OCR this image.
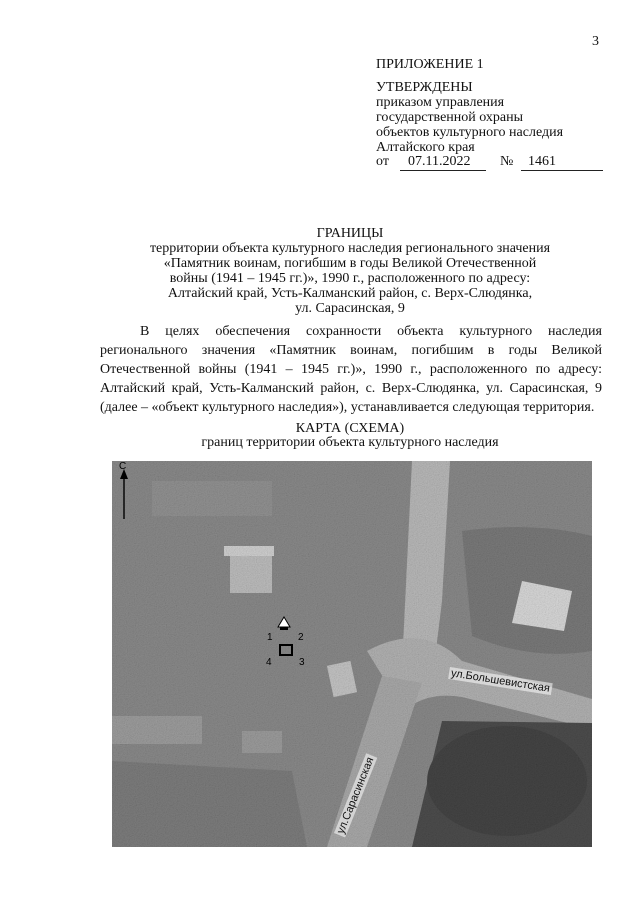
3
ПРИЛОЖЕНИЕ 1
УТВЕРЖДЕНЫ
приказом управления
государственной охраны
объектов культурного наследия
Алтайского края
от 07.11.2022 № 1461
ГРАНИЦЫ
территории объекта культурного наследия регионального значения
«Памятник воинам, погибшим в годы Великой Отечественной
войны (1941 – 1945 гг.)», 1990 г., расположенного по адресу:
Алтайский край, Усть-Калманский район, с. Верх-Слюдянка,
ул. Сарасинская, 9

В целях обеспечения сохранности объекта культурного наследия регионального значения «Памятник воинам, погибшим в годы Великой Отечественной войны (1941 – 1945 гг.)», 1990 г., расположенного по адресу: Алтайский край, Усть-Калманский район, с. Верх-Слюдянка, ул. Сарасинская, 9 (далее – «объект культурного наследия»), устанавливается следующая территория.

КАРТА (СХЕМА)
границ территории объекта культурного наследия
1	2
3
4
С
ул.Большевистская
ул.Сарасинская
